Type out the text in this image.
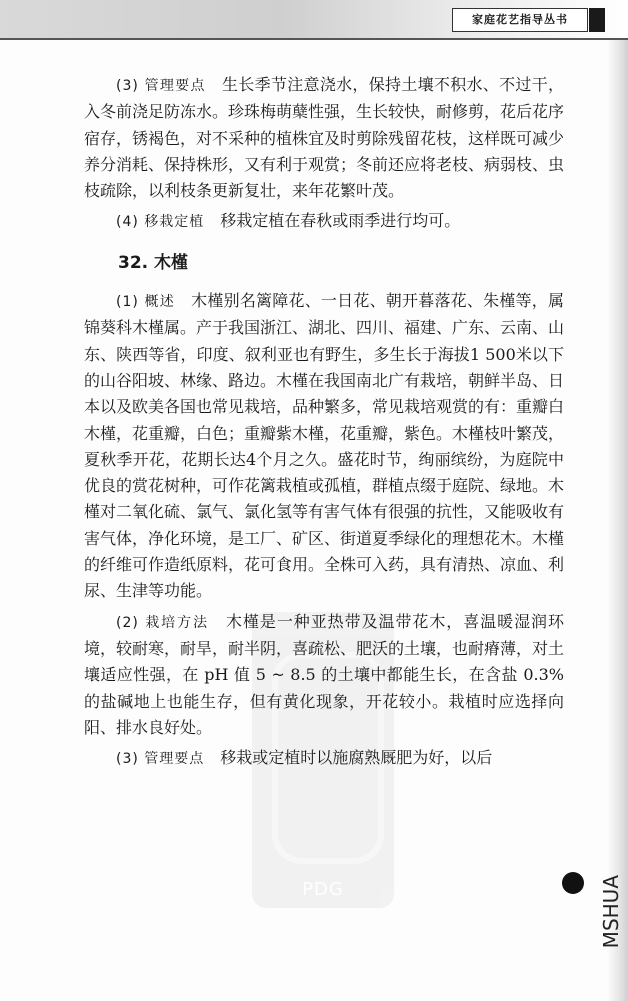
家庭花艺指导丛书
PDG

(3) 管理要点　生长季节注意浇水，保持土壤不积水、不过干，入冬前浇足防冻水。珍珠梅萌蘖性强，生长较快，耐修剪，花后花序宿存，锈褐色，对不采种的植株宜及时剪除残留花枝，这样既可减少养分消耗、保持株形，又有利于观赏；冬前还应将老枝、病弱枝、虫枝疏除，以利枝条更新复壮，来年花繁叶茂。

(4) 移栽定植　移栽定植在春秋或雨季进行均可。

32. 木槿

(1) 概述　木槿别名篱障花、一日花、朝开暮落花、朱槿等，属锦葵科木槿属。产于我国浙江、湖北、四川、福建、广东、云南、山东、陕西等省，印度、叙利亚也有野生，多生长于海拔1 500米以下的山谷阳坡、林缘、路边。木槿在我国南北广有栽培，朝鲜半岛、日本以及欧美各国也常见栽培，品种繁多，常见栽培观赏的有：重瓣白木槿，花重瓣，白色；重瓣紫木槿，花重瓣，紫色。木槿枝叶繁茂，夏秋季开花，花期长达4个月之久。盛花时节，绚丽缤纷，为庭院中优良的赏花树种，可作花篱栽植或孤植，群植点缀于庭院、绿地。木槿对二氧化硫、氯气、氯化氢等有害气体有很强的抗性，又能吸收有害气体，净化环境，是工厂、矿区、街道夏季绿化的理想花木。木槿的纤维可作造纸原料，花可食用。全株可入药，具有清热、凉血、利尿、生津等功能。

(2) 栽培方法　木槿是一种亚热带及温带花木，喜温暖湿润环境，较耐寒，耐旱，耐半阴，喜疏松、肥沃的土壤，也耐瘠薄，对土壤适应性强，在 pH 值 5 ~ 8.5 的土壤中都能生长，在含盐 0.3% 的盐碱地上也能生存，但有黄化现象，开花较小。栽植时应选择向阳、排水良好处。

(3) 管理要点　移栽或定植时以施腐熟厩肥为好，以后

MSHUA
